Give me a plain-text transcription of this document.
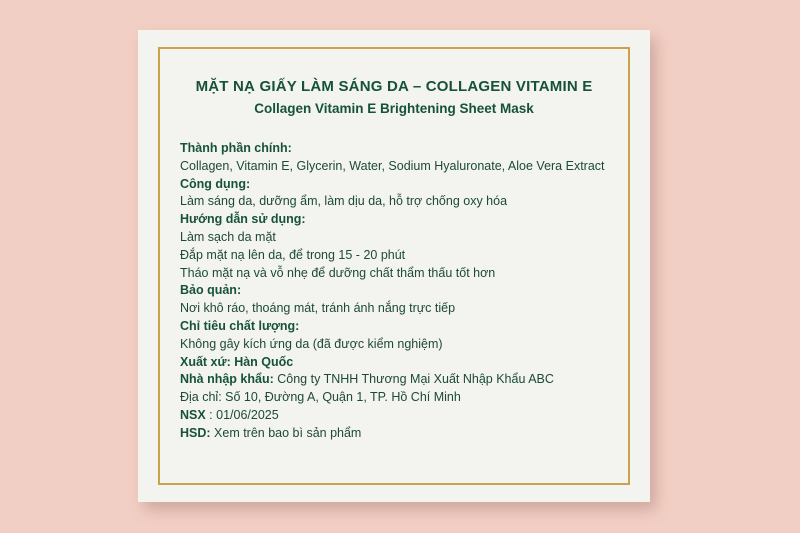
MẶT NẠ GIẤY LÀM SÁNG DA – COLLAGEN VITAMIN E
Collagen Vitamin E Brightening Sheet Mask
Thành phần chính:
Collagen, Vitamin E, Glycerin, Water, Sodium Hyaluronate, Aloe Vera Extract
Công dụng:
Làm sáng da, dưỡng ẩm, làm dịu da, hỗ trợ chống oxy hóa
Hướng dẫn sử dụng:
Làm sạch da mặt
Đắp mặt nạ lên da, để trong 15 - 20 phút
Tháo mặt nạ và vỗ nhẹ để dưỡng chất thẩm thấu tốt hơn
Bảo quản:
Nơi khô ráo, thoáng mát, tránh ánh nắng trực tiếp
Chỉ tiêu chất lượng:
Không gây kích ứng da (đã được kiểm nghiệm)
Xuất xứ: Hàn Quốc
Nhà nhập khẩu: Công ty TNHH Thương Mại Xuất Nhập Khẩu ABC
Địa chỉ: Số 10, Đường A, Quận 1, TP. Hồ Chí Minh
NSX : 01/06/2025
HSD: Xem trên bao bì sản phẩm
